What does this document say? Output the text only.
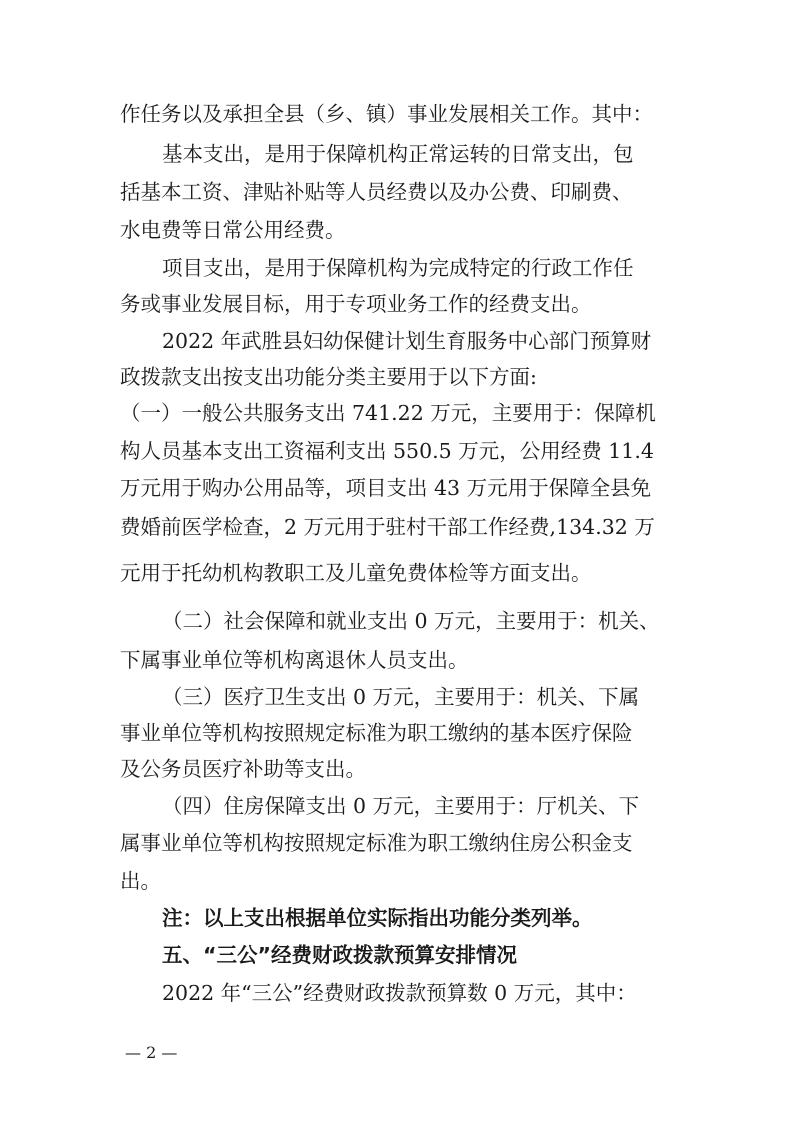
作任务以及承担全县（乡、镇）事业发展相关工作。其中：
基本支出，是用于保障机构正常运转的日常支出，包
括基本工资、津贴补贴等人员经费以及办公费、印刷费、
水电费等日常公用经费。
项目支出，是用于保障机构为完成特定的行政工作任
务或事业发展目标，用于专项业务工作的经费支出。
2022 年武胜县妇幼保健计划生育服务中心部门预算财
政拨款支出按支出功能分类主要用于以下方面:
（一）一般公共服务支出 741.22 万元，主要用于：保障机
构人员基本支出工资福利支出 550.5 万元，公用经费 11.4
万元用于购办公用品等，项目支出 43 万元用于保障全县免
费婚前医学检查，2 万元用于驻村干部工作经费,134.32 万
元用于托幼机构教职工及儿童免费体检等方面支出。
（二）社会保障和就业支出 0 万元，主要用于：机关、
下属事业单位等机构离退休人员支出。
（三）医疗卫生支出 0 万元，主要用于：机关、下属
事业单位等机构按照规定标准为职工缴纳的基本医疗保险
及公务员医疗补助等支出。
（四）住房保障支出 0 万元，主要用于：厅机关、下
属事业单位等机构按照规定标准为职工缴纳住房公积金支
出。
注：以上支出根据单位实际指出功能分类列举。
五、“三公”经费财政拨款预算安排情况
2022 年“三公”经费财政拨款预算数 0 万元，其中：
— 2 —
